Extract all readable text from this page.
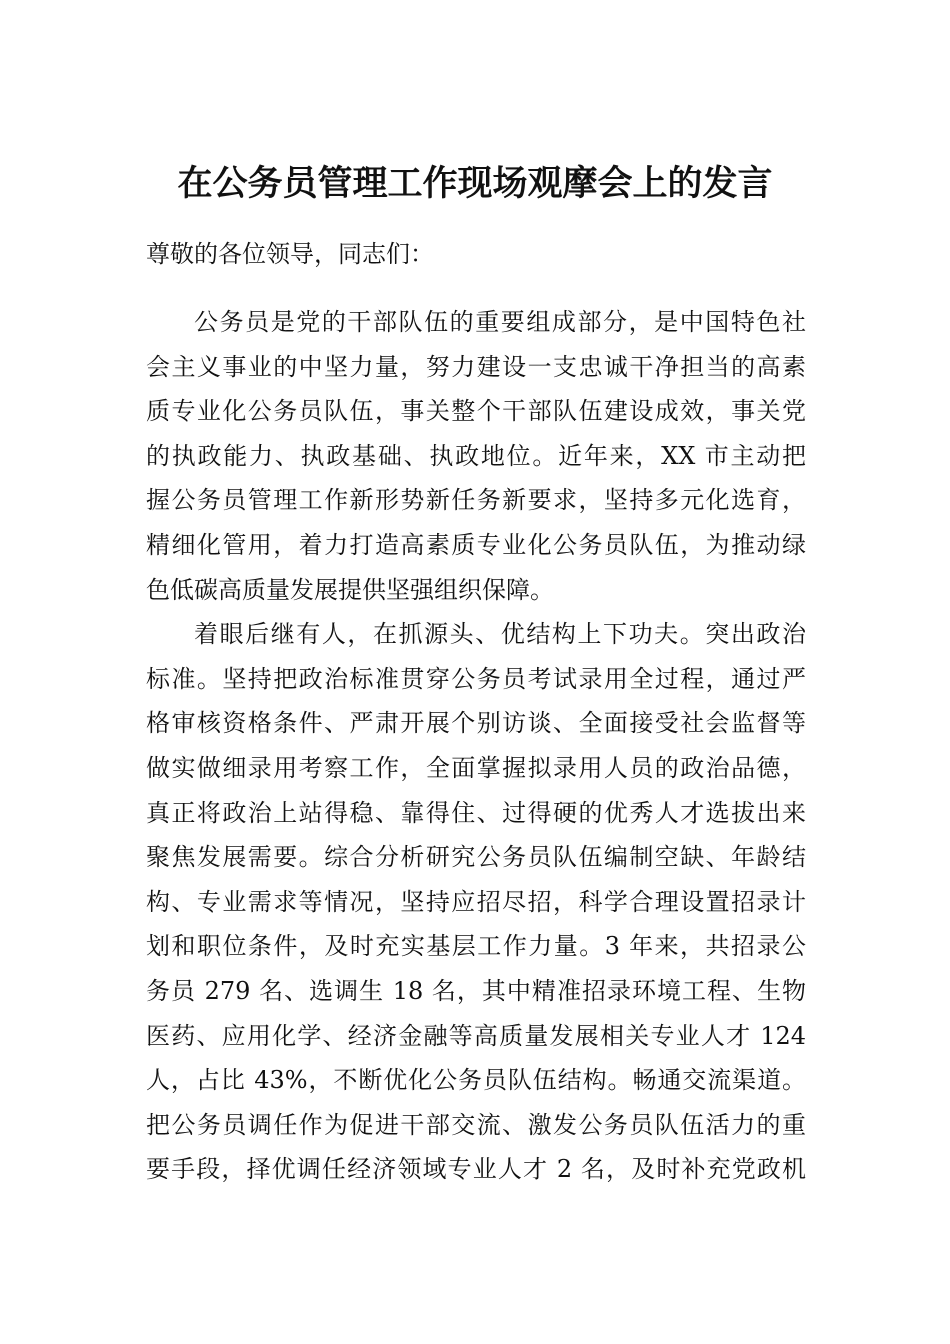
在公务员管理工作现场观摩会上的发言

尊敬的各位领导，同志们：

公务员是党的干部队伍的重要组成部分，是中国特色社
会主义事业的中坚力量，努力建设一支忠诚干净担当的高素
质专业化公务员队伍，事关整个干部队伍建设成效，事关党
的执政能力、执政基础、执政地位。近年来，XX 市主动把
握公务员管理工作新形势新任务新要求，坚持多元化选育，
精细化管用，着力打造高素质专业化公务员队伍，为推动绿
色低碳高质量发展提供坚强组织保障。

着眼后继有人，在抓源头、优结构上下功夫。突出政治
标准。坚持把政治标准贯穿公务员考试录用全过程，通过严
格审核资格条件、严肃开展个别访谈、全面接受社会监督等
做实做细录用考察工作，全面掌握拟录用人员的政治品德，
真正将政治上站得稳、靠得住、过得硬的优秀人才选拔出来
聚焦发展需要。综合分析研究公务员队伍编制空缺、年龄结
构、专业需求等情况，坚持应招尽招，科学合理设置招录计
划和职位条件，及时充实基层工作力量。3 年来，共招录公
务员 279 名、选调生 18 名，其中精准招录环境工程、生物
医药、应用化学、经济金融等高质量发展相关专业人才 124
人，占比 43%，不断优化公务员队伍结构。畅通交流渠道。
把公务员调任作为促进干部交流、激发公务员队伍活力的重
要手段，择优调任经济领域专业人才 2 名，及时补充党政机
